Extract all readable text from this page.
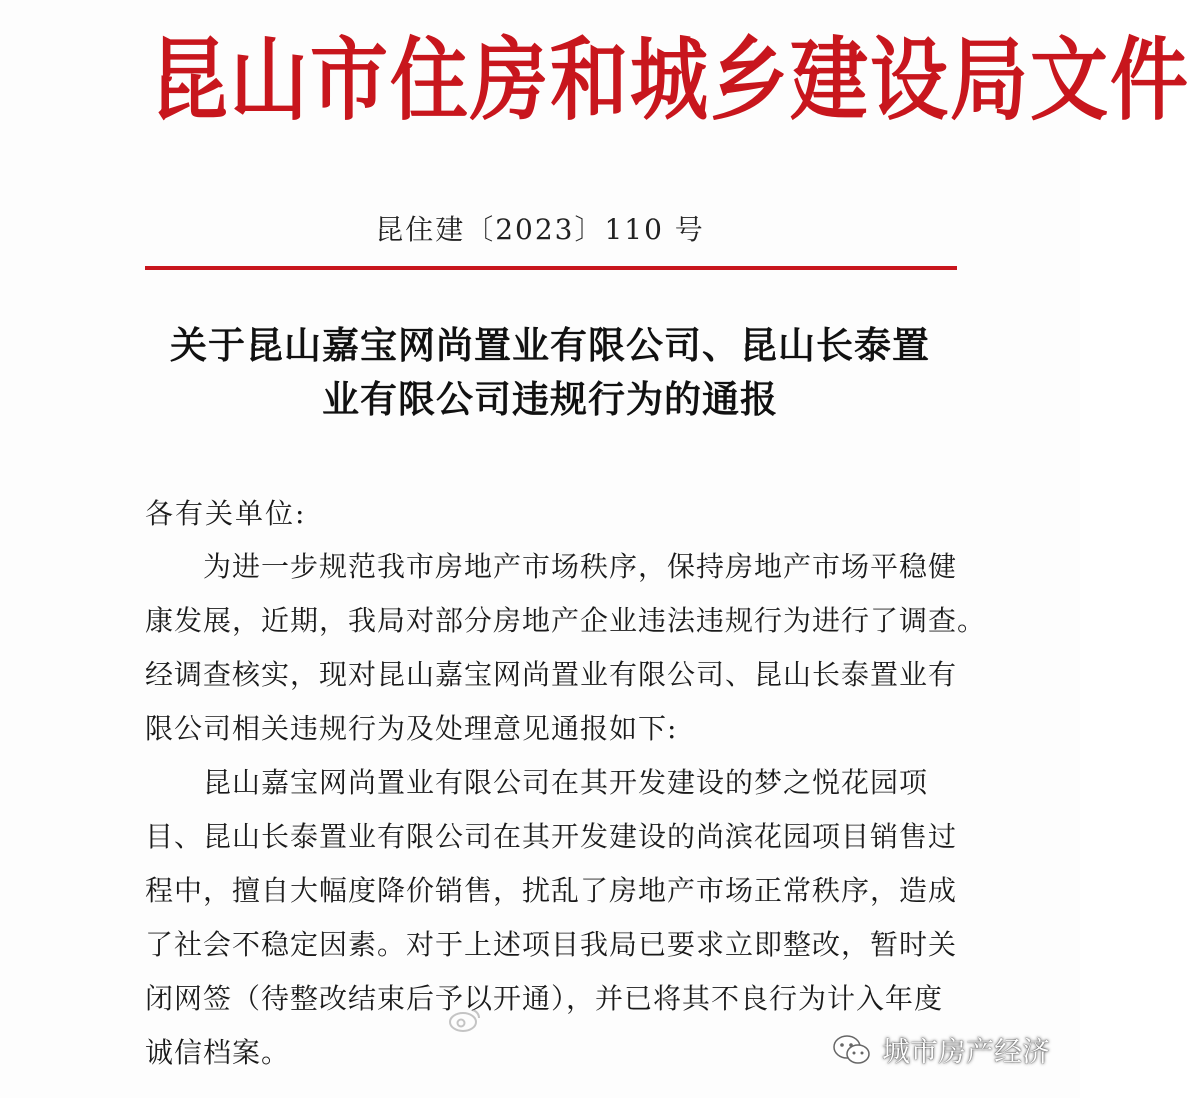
昆山市住房和城乡建设局文件
昆住建〔2023〕110 号
关于昆山嘉宝网尚置业有限公司、昆山长泰置
业有限公司违规行为的通报
各有关单位:
为进一步规范我市房地产市场秩序，保持房地产市场平稳健
康发展，近期，我局对部分房地产企业违法违规行为进行了调查。
经调查核实，现对昆山嘉宝网尚置业有限公司、昆山长泰置业有
限公司相关违规行为及处理意见通报如下:
昆山嘉宝网尚置业有限公司在其开发建设的梦之悦花园项
目、昆山长泰置业有限公司在其开发建设的尚滨花园项目销售过
程中，擅自大幅度降价销售，扰乱了房地产市场正常秩序，造成
了社会不稳定因素。对于上述项目我局已要求立即整改，暂时关
闭网签（待整改结束后予以开通），并已将其不良行为计入年度
诚信档案。	城市房产经济
